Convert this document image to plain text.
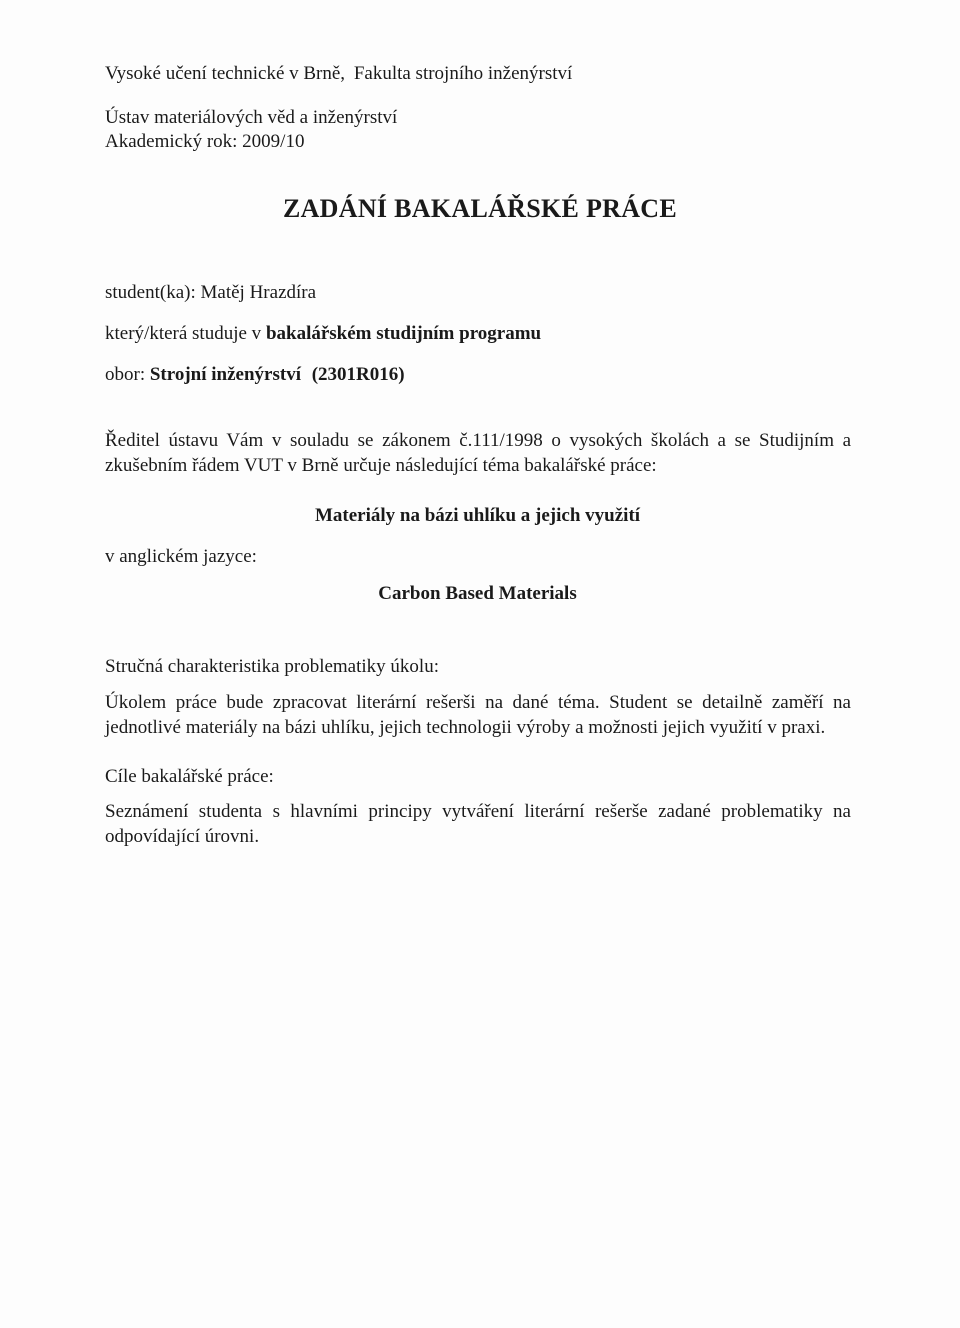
Vysoké učení technické v Brně, Fakulta strojního inženýrství
Ústav materiálových věd a inženýrství
Akademický rok: 2009/10
ZADÁNÍ BAKALÁŘSKÉ PRÁCE
student(ka): Matěj Hrazdíra
který/která studuje v bakalářském studijním programu
obor: Strojní inženýrství (2301R016)
Ředitel ústavu Vám v souladu se zákonem č.111/1998 o vysokých školách a se Studijním a zkušebním řádem VUT v Brně určuje následující téma bakalářské práce:
Materiály na bázi uhlíku a jejich využití
v anglickém jazyce:
Carbon Based Materials
Stručná charakteristika problematiky úkolu:
Úkolem práce bude zpracovat literární rešerši na dané téma. Student se detailně zaměří na jednotlivé materiály na bázi uhlíku, jejich technologii výroby a možnosti jejich využití v praxi.
Cíle bakalářské práce:
Seznámení studenta s hlavními principy vytváření literární rešerše zadané problematiky na odpovídající úrovni.
